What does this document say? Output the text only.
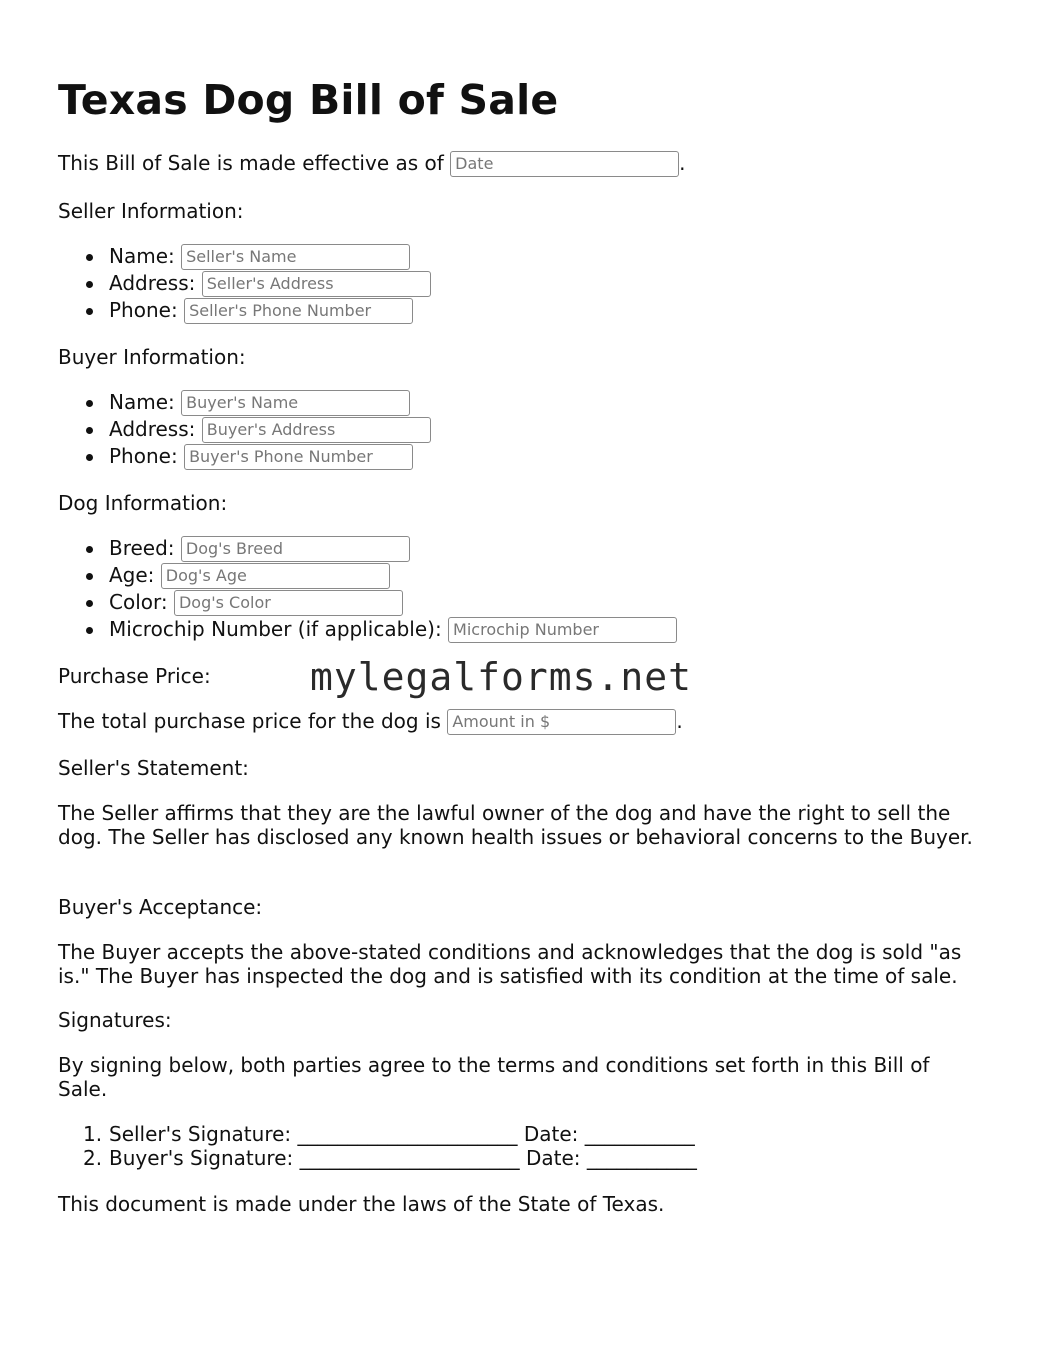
Texas Dog Bill of Sale
This Bill of Sale is made effective as of Date	.
Seller Information:
Name: Seller's Name
Address: Seller's Address
Phone: Seller's Phone Number
Buyer Information:
Name: Buyer's Name
Address: Buyer's Address
Phone: Buyer's Phone Number
Dog Information:
Breed: Dog's Breed
Age: Dog's Age
Color: Dog's Color
Microchip Number (if applicable): Microchip Number
Purchase Price:
The total purchase price for the dog is Amount in $	.
Seller's Statement:
The Seller affirms that they are the lawful owner of the dog and have the right to sell the dog. The Seller has disclosed any known health issues or behavioral concerns to the Buyer.
Buyer's Acceptance:
The Buyer accepts the above-stated conditions and acknowledges that the dog is sold "as is." The Buyer has inspected the dog and is satisfied with its condition at the time of sale.
Signatures:
By signing below, both parties agree to the terms and conditions set forth in this Bill of Sale.
1. Seller's Signature: ______________________ Date: ___________
2. Buyer's Signature: ______________________ Date: ___________
This document is made under the laws of the State of Texas.
mylegalforms.net
